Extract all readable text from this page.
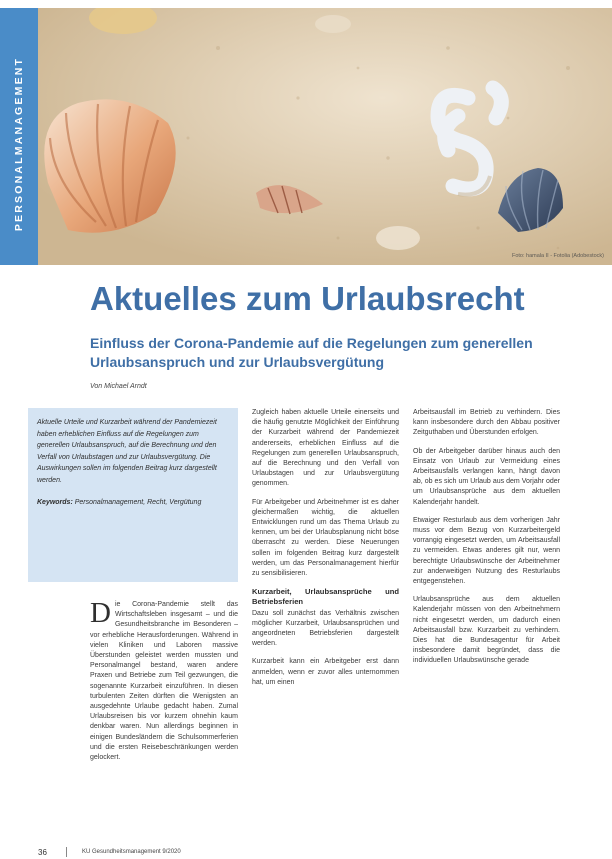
PERSONALMANAGEMENT
Foto: hamala II - Fotolia (Adobestock)
Aktuelles zum Urlaubsrecht
Einfluss der Corona-Pandemie auf die Regelungen zum generellen Urlaubsanspruch und zur Urlaubsvergütung
Von Michael Arndt

Aktuelle Urteile und Kurzarbeit während der Pandemiezeit haben erheblichen Einfluss auf die Regelungen zum generellen Urlaubsanspruch, auf die Berechnung und den Verfall von Urlaubstagen und zur Urlaubsvergütung. Die Auswirkungen sollen im folgenden Beitrag kurz dargestellt werden.

Keywords: Personalmanagement, Recht, Vergütung

Die Corona-Pandemie stellt das Wirtschaftsleben insgesamt – und die Gesundheitsbranche im Besonderen – vor erhebliche Herausforderungen. Während in vielen Kliniken und Laboren massive Überstunden geleistet werden mussten und Personalmangel bestand, waren andere Praxen und Betriebe zum Teil gezwungen, die sogenannte Kurzarbeit einzuführen. In diesen turbulenten Zeiten dürften die Wenigsten an ausgedehnte Urlaube gedacht haben. Zumal Urlaubsreisen bis vor kurzem ohnehin kaum denkbar waren. Nun allerdings beginnen in einigen Bundesländern die Schulsommerferien und die ersten Reisebeschränkungen werden gelockert.

Zugleich haben aktuelle Urteile einerseits und die häufig genutzte Möglichkeit der Einführung der Kurzarbeit während der Pandemiezeit andererseits, erheblichen Einfluss auf die Regelungen zum generellen Urlaubsanspruch, auf die Berechnung und den Verfall von Urlaubstagen und zur Urlaubsvergütung genommen.

Für Arbeitgeber und Arbeitnehmer ist es daher gleichermaßen wichtig, die aktuellen Entwicklungen rund um das Thema Urlaub zu kennen, um bei der Urlaubsplanung nicht böse überrascht zu werden. Diese Neuerungen sollen im folgenden Beitrag kurz dargestellt werden, um das Personalmanagement hierfür zu sensibilisieren.

Kurzarbeit, Urlaubsansprüche und Betriebsferien

Dazu soll zunächst das Verhältnis zwischen möglicher Kurzarbeit, Urlaubsansprüchen und angeordneten Betriebsferien dargestellt werden.

Kurzarbeit kann ein Arbeitgeber erst dann anmelden, wenn er zuvor alles unternommen hat, um einen

Arbeitsausfall im Betrieb zu verhindern. Dies kann insbesondere durch den Abbau positiver Zeitguthaben und Überstunden erfolgen.

Ob der Arbeitgeber darüber hinaus auch den Einsatz von Urlaub zur Vermeidung eines Arbeitsausfalls verlangen kann, hängt davon ab, ob es sich um Urlaub aus dem Vorjahr oder um Urlaubsansprüche aus dem aktuellen Kalenderjahr handelt.

Etwaiger Resturlaub aus dem vorherigen Jahr muss vor dem Bezug von Kurzarbeitergeld vorrangig eingesetzt werden, um Arbeitsausfall zu vermeiden. Etwas anderes gilt nur, wenn berechtigte Urlaubswünsche der Arbeitnehmer zur anderweitigen Nutzung des Resturlaubs entgegenstehen.

Urlaubsansprüche aus dem aktuellen Kalenderjahr müssen von den Arbeitnehmern nicht eingesetzt werden, um dadurch einen Arbeitsausfall bzw. Kurzarbeit zu verhindern. Dies hat die Bundesagentur für Arbeit insbesondere damit begründet, dass die individuellen Urlaubswünsche gerade

36	KU Gesundheitsmanagement 9/2020
